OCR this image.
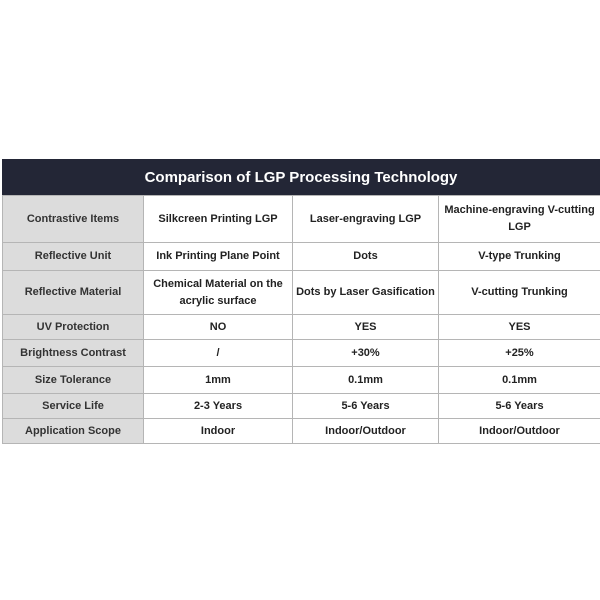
Comparison of LGP Processing Technology
Contrastive Items	Silkcreen Printing LGP	Laser-engraving LGP	Machine-engraving V-cutting LGP
Reflective Unit	Ink Printing Plane Point	Dots	V-type Trunking
Reflective Material	Chemical Material on the acrylic surface	Dots by Laser Gasification	V-cutting Trunking
UV Protection	NO	YES	YES
Brightness Contrast	/	+30%	+25%
Size Tolerance	1mm	0.1mm	0.1mm
Service Life	2-3 Years	5-6 Years	5-6 Years
Application Scope	Indoor	Indoor/Outdoor	Indoor/Outdoor
